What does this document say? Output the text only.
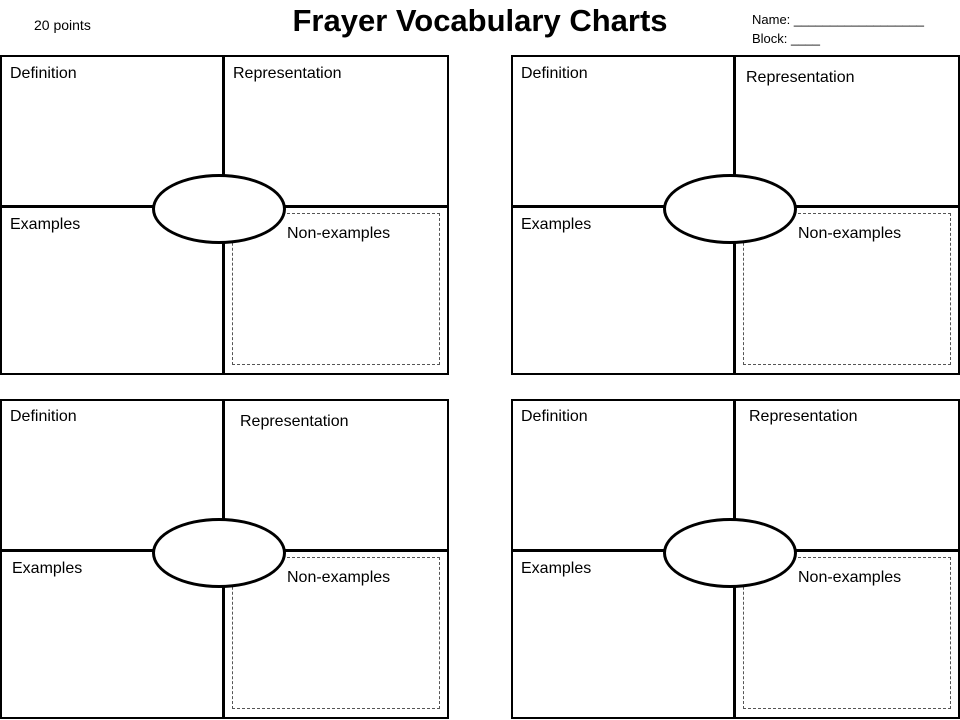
20 points	Frayer Vocabulary Charts	Name: __________________
Block: ____
Definition	Representation
Examples
Non-examples
Definition	Representation
Examples
Non-examples
Definition	Representation
Examples
Non-examples
Definition	Representation
Examples
Non-examples
